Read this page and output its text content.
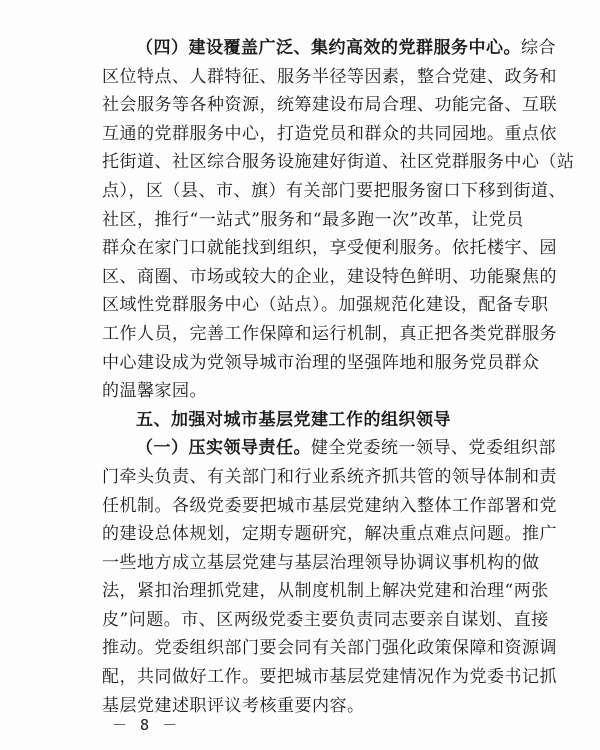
（四）建设覆盖广泛、集约高效的党群服务中心。综合
区位特点、人群特征、服务半径等因素，整合党建、政务和
社会服务等各种资源，统筹建设布局合理、功能完备、互联
互通的党群服务中心，打造党员和群众的共同园地。重点依
托街道、社区综合服务设施建好街道、社区党群服务中心（站
点），区（县、市、旗）有关部门要把服务窗口下移到街道、
社区，推行“一站式”服务和“最多跑一次”改革，让党员
群众在家门口就能找到组织，享受便利服务。依托楼宇、园
区、商圈、市场或较大的企业，建设特色鲜明、功能聚焦的
区域性党群服务中心（站点）。加强规范化建设，配备专职
工作人员，完善工作保障和运行机制，真正把各类党群服务
中心建设成为党领导城市治理的坚强阵地和服务党员群众
的温馨家园。
五、加强对城市基层党建工作的组织领导
（一）压实领导责任。健全党委统一领导、党委组织部
门牵头负责、有关部门和行业系统齐抓共管的领导体制和责
任机制。各级党委要把城市基层党建纳入整体工作部署和党
的建设总体规划，定期专题研究，解决重点难点问题。推广
一些地方成立基层党建与基层治理领导协调议事机构的做
法，紧扣治理抓党建，从制度机制上解决党建和治理“两张
皮”问题。市、区两级党委主要负责同志要亲自谋划、直接
推动。党委组织部门要会同有关部门强化政策保障和资源调
配，共同做好工作。要把城市基层党建情况作为党委书记抓
基层党建述职评议考核重要内容。
－ 8 －
